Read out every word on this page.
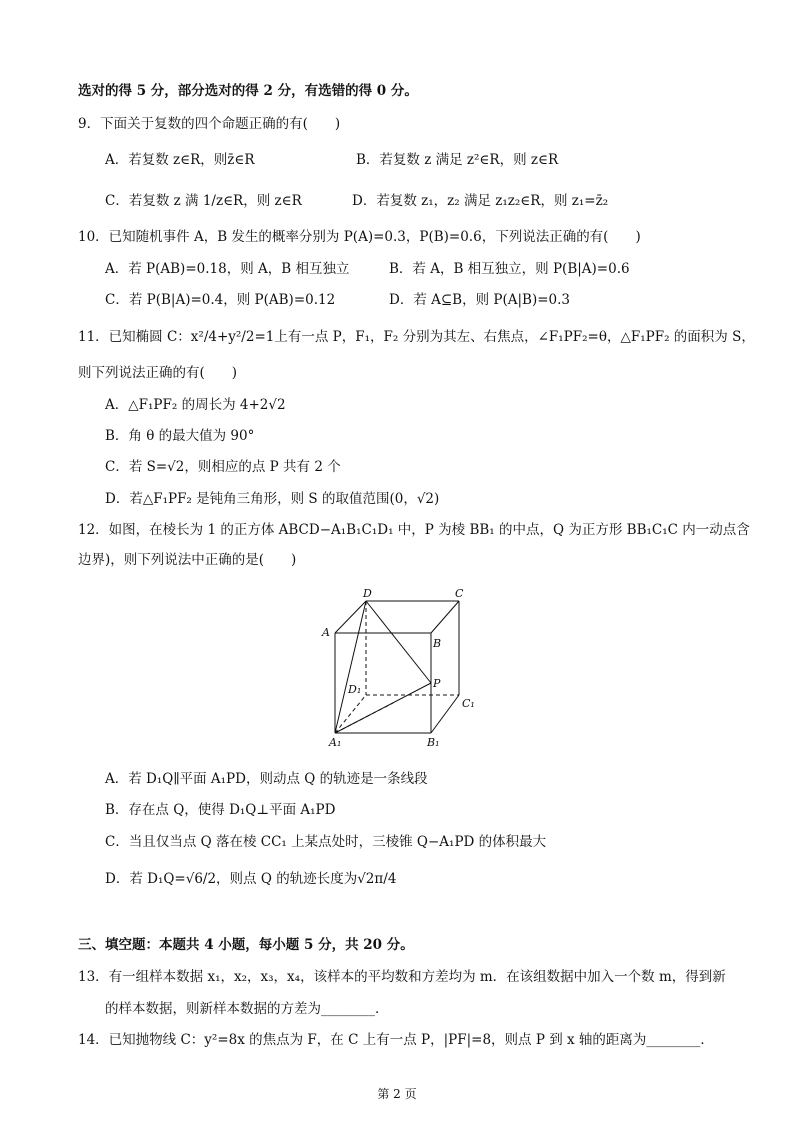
选对的得 5 分，部分选对的得 2 分，有选错的得 0 分。
9．下面关于复数的四个命题正确的有(　　)
A．若复数 z∈R，则z̄∈R	B．若复数 z 满足 z²∈R，则 z∈R
C．若复数 z 满 1/z∈R，则 z∈R	D．若复数 z₁，z₂ 满足 z₁z₂∈R，则 z₁=z̄₂
10．已知随机事件 A，B 发生的概率分别为 P(A)=0.3，P(B)=0.6，下列说法正确的有(　　)
A．若 P(AB)=0.18，则 A，B 相互独立	B．若 A，B 相互独立，则 P(B|A)=0.6
C．若 P(B|A)=0.4，则 P(AB)=0.12	D．若 A⊆B，则 P(A|B)=0.3
11．已知椭圆 C：x²/4+y²/2=1上有一点 P，F₁，F₂ 分别为其左、右焦点，∠F₁PF₂=θ，△F₁PF₂ 的面积为 S，
则下列说法正确的有(　　)
A．△F₁PF₂ 的周长为 4+2√2
B．角 θ 的最大值为 90°
C．若 S=√2，则相应的点 P 共有 2 个
D．若△F₁PF₂ 是钝角三角形，则 S 的取值范围(0，√2)
12．如图，在棱长为 1 的正方体 ABCD−A₁B₁C₁D₁ 中，P 为棱 BB₁ 的中点，Q 为正方形 BB₁C₁C 内一动点含
边界)，则下列说法中正确的是(　　)
D	C
A
B
D₁	P
C₁
A₁	B₁
A．若 D₁Q∥平面 A₁PD，则动点 Q 的轨迹是一条线段
B．存在点 Q，使得 D₁Q⊥平面 A₁PD
C．当且仅当点 Q 落在棱 CC₁ 上某点处时，三棱锥 Q−A₁PD 的体积最大
D．若 D₁Q=√6/2，则点 Q 的轨迹长度为√2π/4
三、填空题：本题共 4 小题，每小题 5 分，共 20 分。
13．有一组样本数据 x₁，x₂，x₃，x₄，该样本的平均数和方差均为 m．在该组数据中加入一个数 m，得到新
的样本数据，则新样本数据的方差为________．
14．已知抛物线 C：y²=8x 的焦点为 F，在 C 上有一点 P，|PF|=8，则点 P 到 x 轴的距离为________．
第 2 页
